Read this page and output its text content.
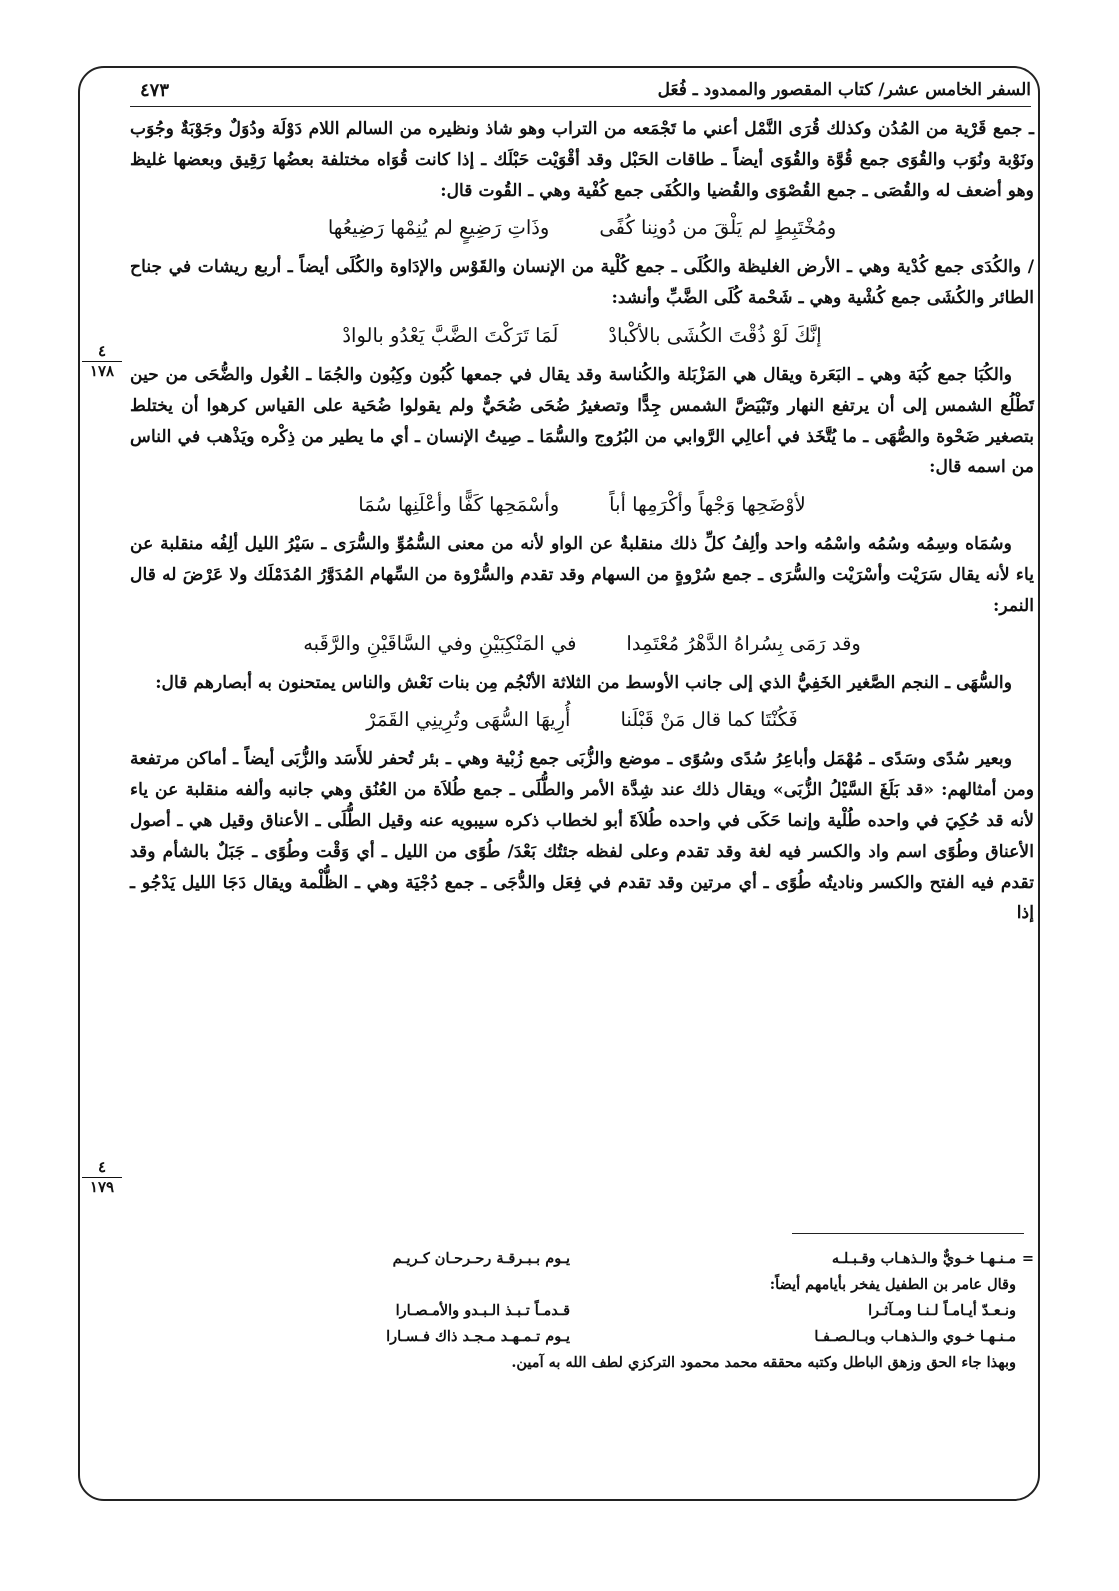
السفر الخامس عشر/ كتاب المقصور والممدود ـ فُعَل
٤٧٣
٤
١٧٨
٤
١٧٩

ـ جمع قَرْية من المُدُن وكذلك قُرَى النَّمْل أعني ما تَجْمَعه من التراب وهو شاذ ونظيره من السالم اللام دَوْلَة ودُوَلٌ وجَوْبَةٌ وجُوَب ونَوْبة ونُوَب والقُوَى جمع قُوَّة والقُوَى أيضاً ـ طاقات الحَبْل وقد أقْوَيْت حَبْلَك ـ إذا كانت قُوَاه مختلفة بعضُها رَقِيق وبعضها غليظ وهو أضعف له والقُصَى ـ جمع القُصْوَى والقُضيا والكُفَى جمع كُفْية وهي ـ القُوت قال:

ومُخْتَبِطٍ لم يَلْقَ من دُونِنا كُفًى
وذَاتِ رَضِيعٍ لم يُنِمْها رَضِيعُها

/ والكُدَى جمع كُدْية وهي ـ الأرض الغليظة والكُلَى ـ جمع كُلْية من الإنسان والقَوْس والإدَاوة والكُلَى أيضاً ـ أربع ريشات في جناح الطائر والكُشَى جمع كُشْية وهي ـ شَحْمة كُلَى الضَّبِّ وأنشد:

إنَّكَ لَوْ ذُقْتَ الكُشَى بالأكْبادْ
لَمَا تَرَكْتَ الضَّبَّ يَعْدُو بالوادْ

والكُبَا جمع كُبَة وهي ـ البَعَرة ويقال هي المَزْبَلة والكُناسة وقد يقال في جمعها كُبُون وكِبُون والجُمَا ـ الغُول والضُّحَى من حين تَطْلُع الشمس إلى أن يرتفع النهار وتَبْيَضَّ الشمس جِدًّا وتصغيرُ ضُحَى ضُحَيٌّ ولم يقولوا ضُحَية على القياس كرهوا أن يختلط بتصغير ضَحْوة والصُّهَى ـ ما يُتَّخَذ في أعالِي الرَّوابي من البُرُوج والسُّمَا ـ صِيتُ الإنسان ـ أي ما يطير من ذِكْره ويَذْهب في الناس من اسمه قال:

لأوْضَحِها وَجْهاً وأكْرَمِها أباً
وأسْمَحِها كَفًّا وأعْلَنِها سُمَا

وسُمَاه وسِمُه وسُمُه واسْمُه واحد وألِفُ كلِّ ذلك منقلبةٌ عن الواو لأنه من معنى السُّمُوِّ والسُّرَى ـ سَيْرُ الليل ألِفُه منقلبة عن ياء لأنه يقال سَرَيْت وأسْرَيْت والسُّرَى ـ جمع سُرْوةٍ من السهام وقد تقدم والسُّرْوة من السِّهام المُدَوَّرُ المُدَمْلَك ولا عَرْضَ له قال النمر:

وقد رَمَى بِسُراهُ الدَّهْرُ مُعْتَمِدا
في المَنْكِبَيْنِ وفي السَّاقَيْنِ والرَّقَبه

والسُّهَى ـ النجم الصَّغير الخَفِيُّ الذي إلى جانب الأوسط من الثلاثة الأنْجُم مِن بنات نَعْش والناس يمتحنون به أبصارهم قال:

فَكُنْتَا كما قال مَنْ قَبْلَنا
أُرِيهَا السُّهَى وتُرِينِي القَمَرْ

وبعير سُدًى وسَدًى ـ مُهْمَل وأباعِرُ سُدًى وسُوًى ـ موضع والزُّبَى جمع زُبْية وهي ـ بئر تُحفر للأَسَد والزُّبَى أيضاً ـ أماكن مرتفعة ومن أمثالهم: «قد بَلَغَ السَّيْلُ الزُّبَى» ويقال ذلك عند شِدَّة الأمر والطُّلَى ـ جمع طُلاَة من العُنُق وهي جانبه وألفه منقلبة عن ياء لأنه قد حُكِيَ في واحده طُلْية وإنما حَكَى في واحده طُلاَةَ أبو لخطاب ذكره سيبويه عنه وقيل الطُّلَى ـ الأعناق وقيل هي ـ أصول الأعناق وطُوًى اسم واد والكسر فيه لغة وقد تقدم وعلى لفظه جئتُك بَعْدَ/ طُوًى من الليل ـ أي وَقْت وطُوًى ـ جَبَلٌ بالشأم وقد تقدم فيه الفتح والكسر وناديتُه طُوًى ـ أي مرتين وقد تقدم في فِعَل والدُّجَى ـ جمع دُجْيَة وهي ـ الظُّلْمة ويقال دَجَا الليل يَدْجُو ـ إذا

=مـنـهـا خـويٌّ والـذهـاب وقـبـلـه
يـوم بـبـرقـة رحـرحـان كـريـم
وقال عامر بن الطفيل يفخر بأيامهم أيضاً:
ونـعـدّ أيـامـاً لـنـا ومـآثـرا
قـدمـاً تـبـذ الـبـدو والأمـصـارا
مـنـهـا خـوي والـذهـاب وبـالـصـفـا
يـوم تـمـهـد مـجـد ذاك فـسـارا
وبهذا جاء الحق وزهق الباطل وكتبه محققه محمد محمود التركزي لطف الله به آمين.
